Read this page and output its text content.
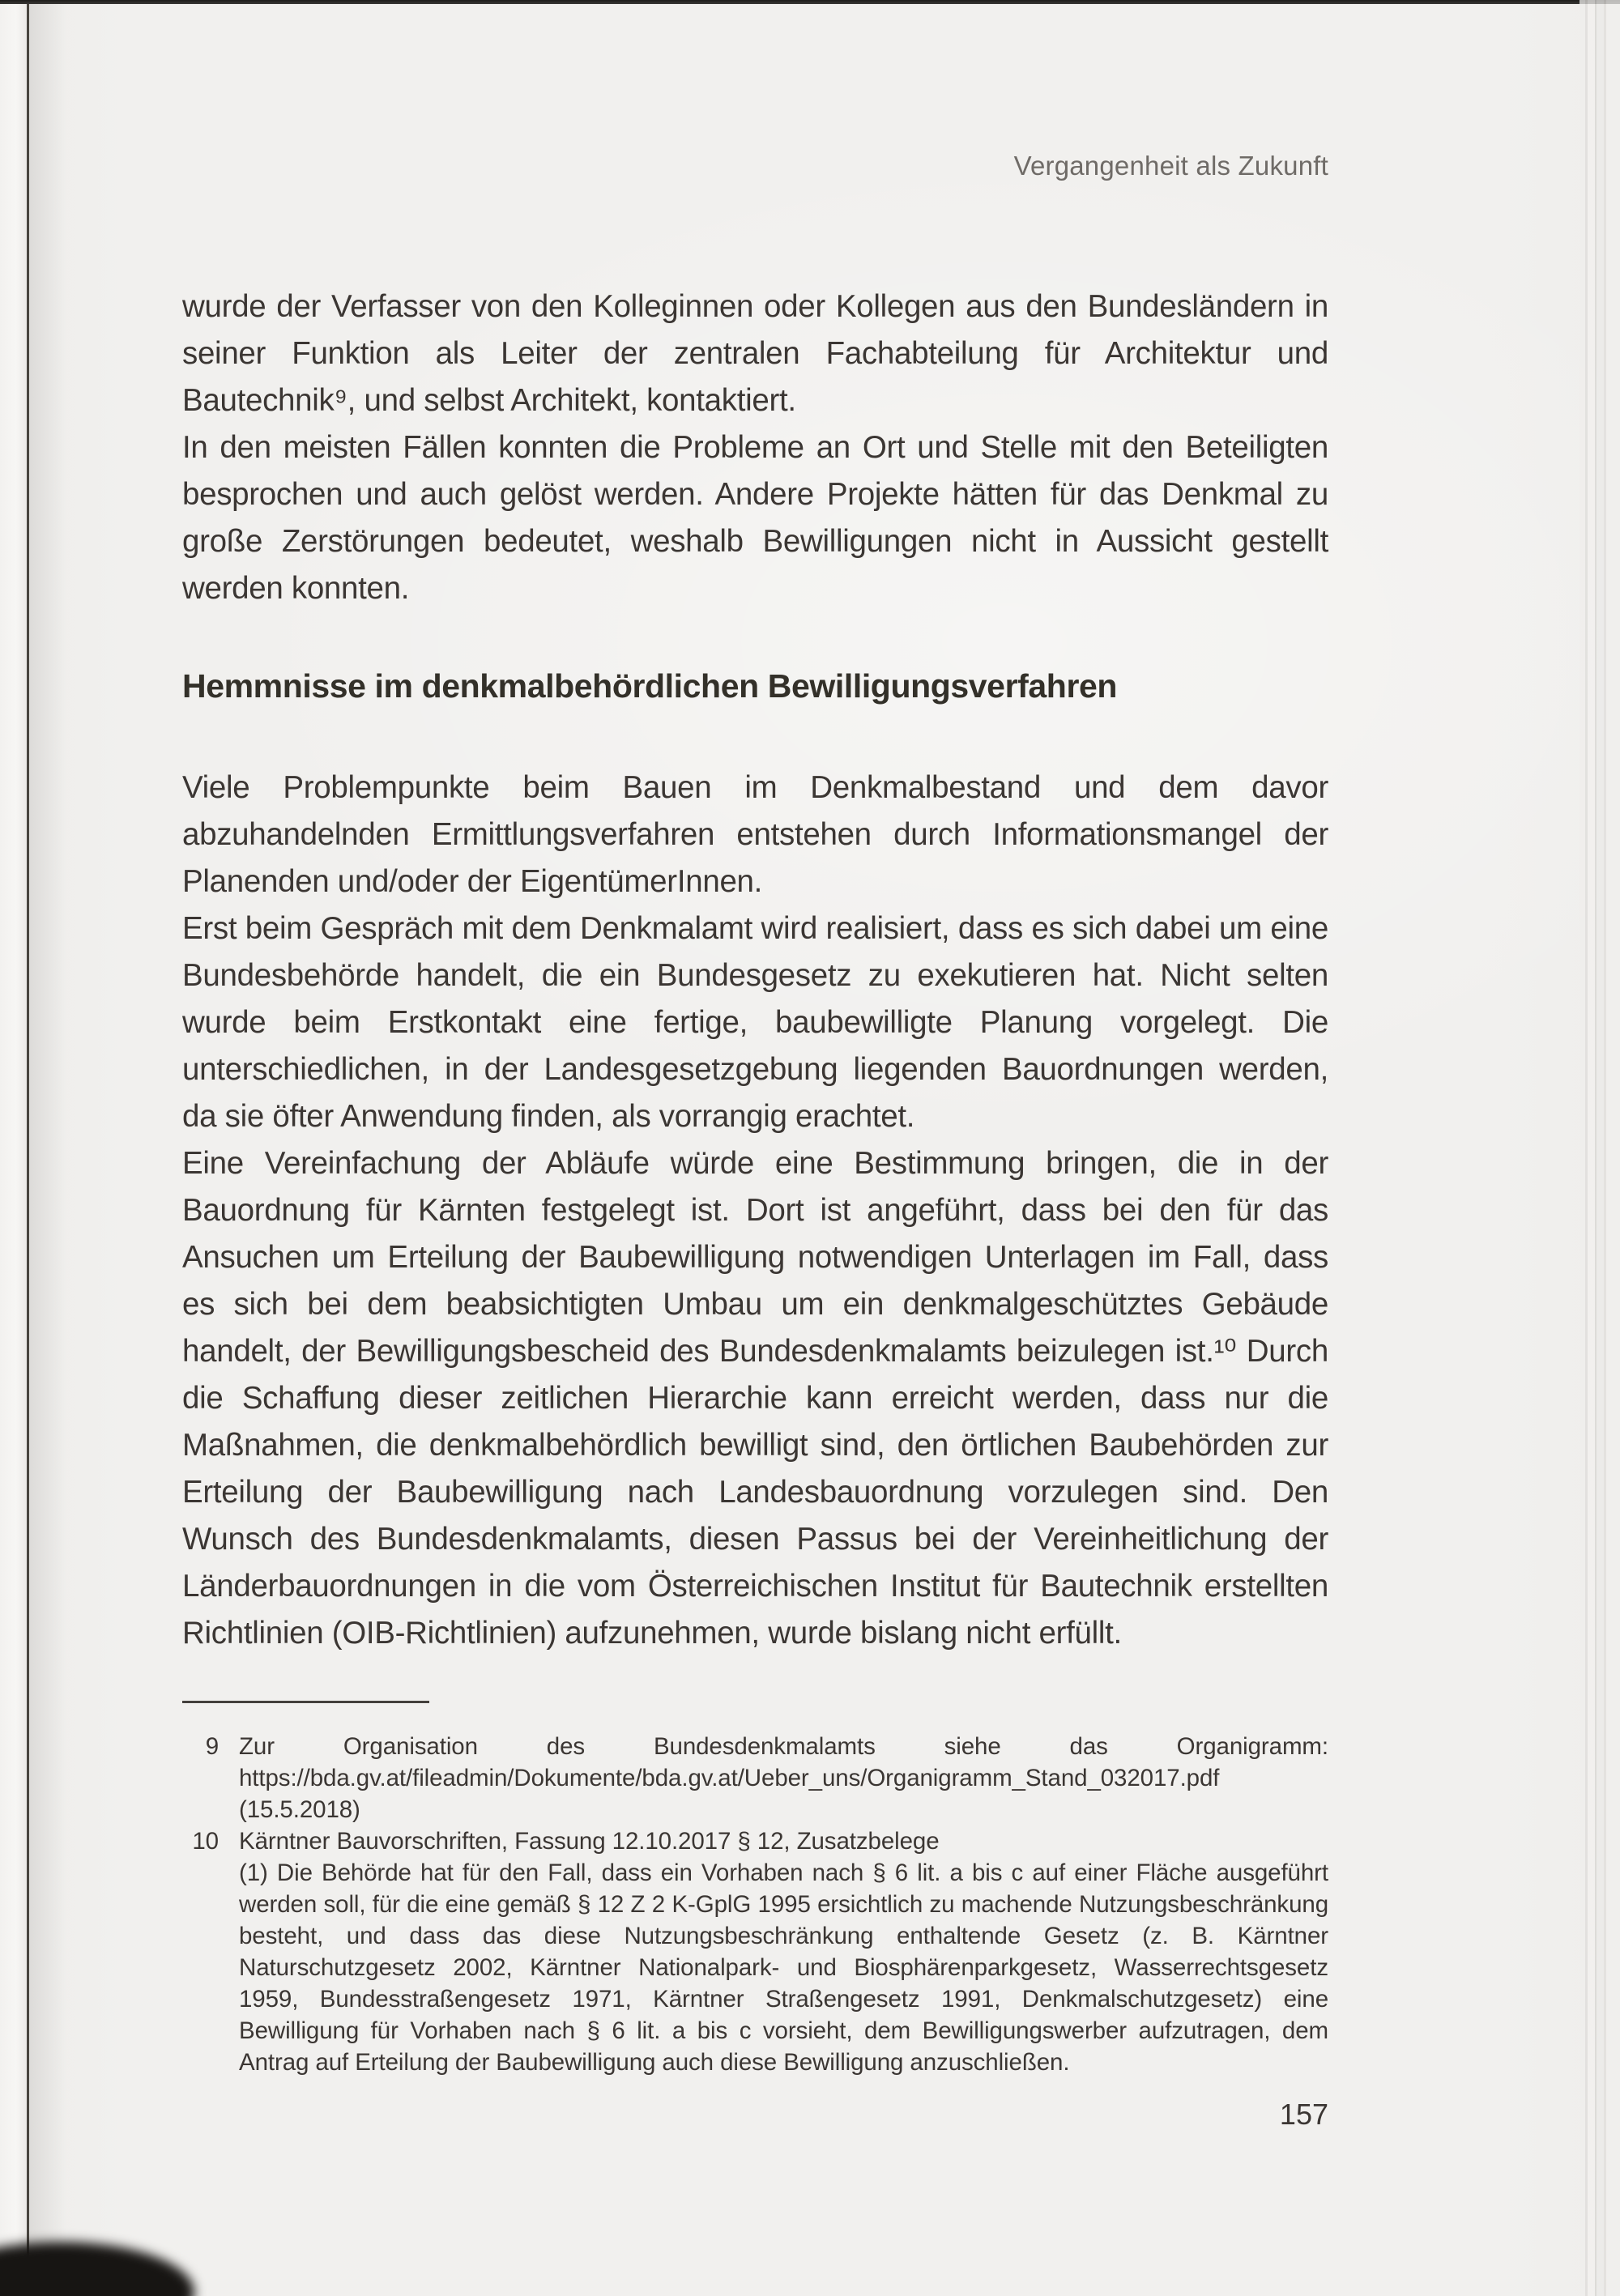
Vergangenheit als Zukunft

wurde der Verfasser von den Kolleginnen oder Kollegen aus den Bundesländern in seiner Funktion als Leiter der zentralen Fachabteilung für Architektur und Bautechnik⁹, und selbst Architekt, kontaktiert.

In den meisten Fällen konnten die Probleme an Ort und Stelle mit den Beteiligten besprochen und auch gelöst werden. Andere Projekte hätten für das Denkmal zu große Zerstörungen bedeutet, weshalb Bewilligungen nicht in Aussicht gestellt werden konnten.

Hemmnisse im denkmalbehördlichen Bewilligungsverfahren

Viele Problempunkte beim Bauen im Denkmalbestand und dem davor abzuhandelnden Ermittlungsverfahren entstehen durch Informationsmangel der Planenden und/oder der EigentümerInnen.

Erst beim Gespräch mit dem Denkmalamt wird realisiert, dass es sich dabei um eine Bundesbehörde handelt, die ein Bundesgesetz zu exekutieren hat. Nicht selten wurde beim Erstkontakt eine fertige, baubewilligte Planung vorgelegt. Die unterschiedlichen, in der Landesgesetzgebung liegenden Bauordnungen werden, da sie öfter Anwendung finden, als vorrangig erachtet.

Eine Vereinfachung der Abläufe würde eine Bestimmung bringen, die in der Bauordnung für Kärnten festgelegt ist. Dort ist angeführt, dass bei den für das Ansuchen um Erteilung der Baubewilligung notwendigen Unterlagen im Fall, dass es sich bei dem beabsichtigten Umbau um ein denkmalgeschütztes Gebäude handelt, der Bewilligungsbescheid des Bundesdenkmalamts beizulegen ist.¹⁰ Durch die Schaffung dieser zeitlichen Hierarchie kann erreicht werden, dass nur die Maßnahmen, die denkmalbehördlich bewilligt sind, den örtlichen Baubehörden zur Erteilung der Baubewilligung nach Landesbauordnung vorzulegen sind. Den Wunsch des Bundesdenkmalamts, diesen Passus bei der Vereinheitlichung der Länderbauordnungen in die vom Österreichischen Institut für Bautechnik erstellten Richtlinien (OIB-Richtlinien) aufzunehmen, wurde bislang nicht erfüllt.

9 Zur Organisation des Bundesdenkmalamts siehe das Organigramm: https://bda.gv.at/fileadmin/Dokumente/bda.gv.at/Ueber_uns/Organigramm_Stand_032017.pdf (15.5.2018)

10 Kärntner Bauvorschriften, Fassung 12.10.2017 § 12, Zusatzbelege

(1) Die Behörde hat für den Fall, dass ein Vorhaben nach § 6 lit. a bis c auf einer Fläche ausgeführt werden soll, für die eine gemäß § 12 Z 2 K-GplG 1995 ersichtlich zu machende Nutzungsbeschränkung besteht, und dass das diese Nutzungsbeschränkung enthaltende Gesetz (z. B. Kärntner Naturschutzgesetz 2002, Kärntner Nationalpark- und Biosphärenparkgesetz, Wasserrechtsgesetz 1959, Bundesstraßengesetz 1971, Kärntner Straßengesetz 1991, Denkmalschutzgesetz) eine Bewilligung für Vorhaben nach § 6 lit. a bis c vorsieht, dem Bewilligungswerber aufzutragen, dem Antrag auf Erteilung der Baubewilligung auch diese Bewilligung anzuschließen.

157
